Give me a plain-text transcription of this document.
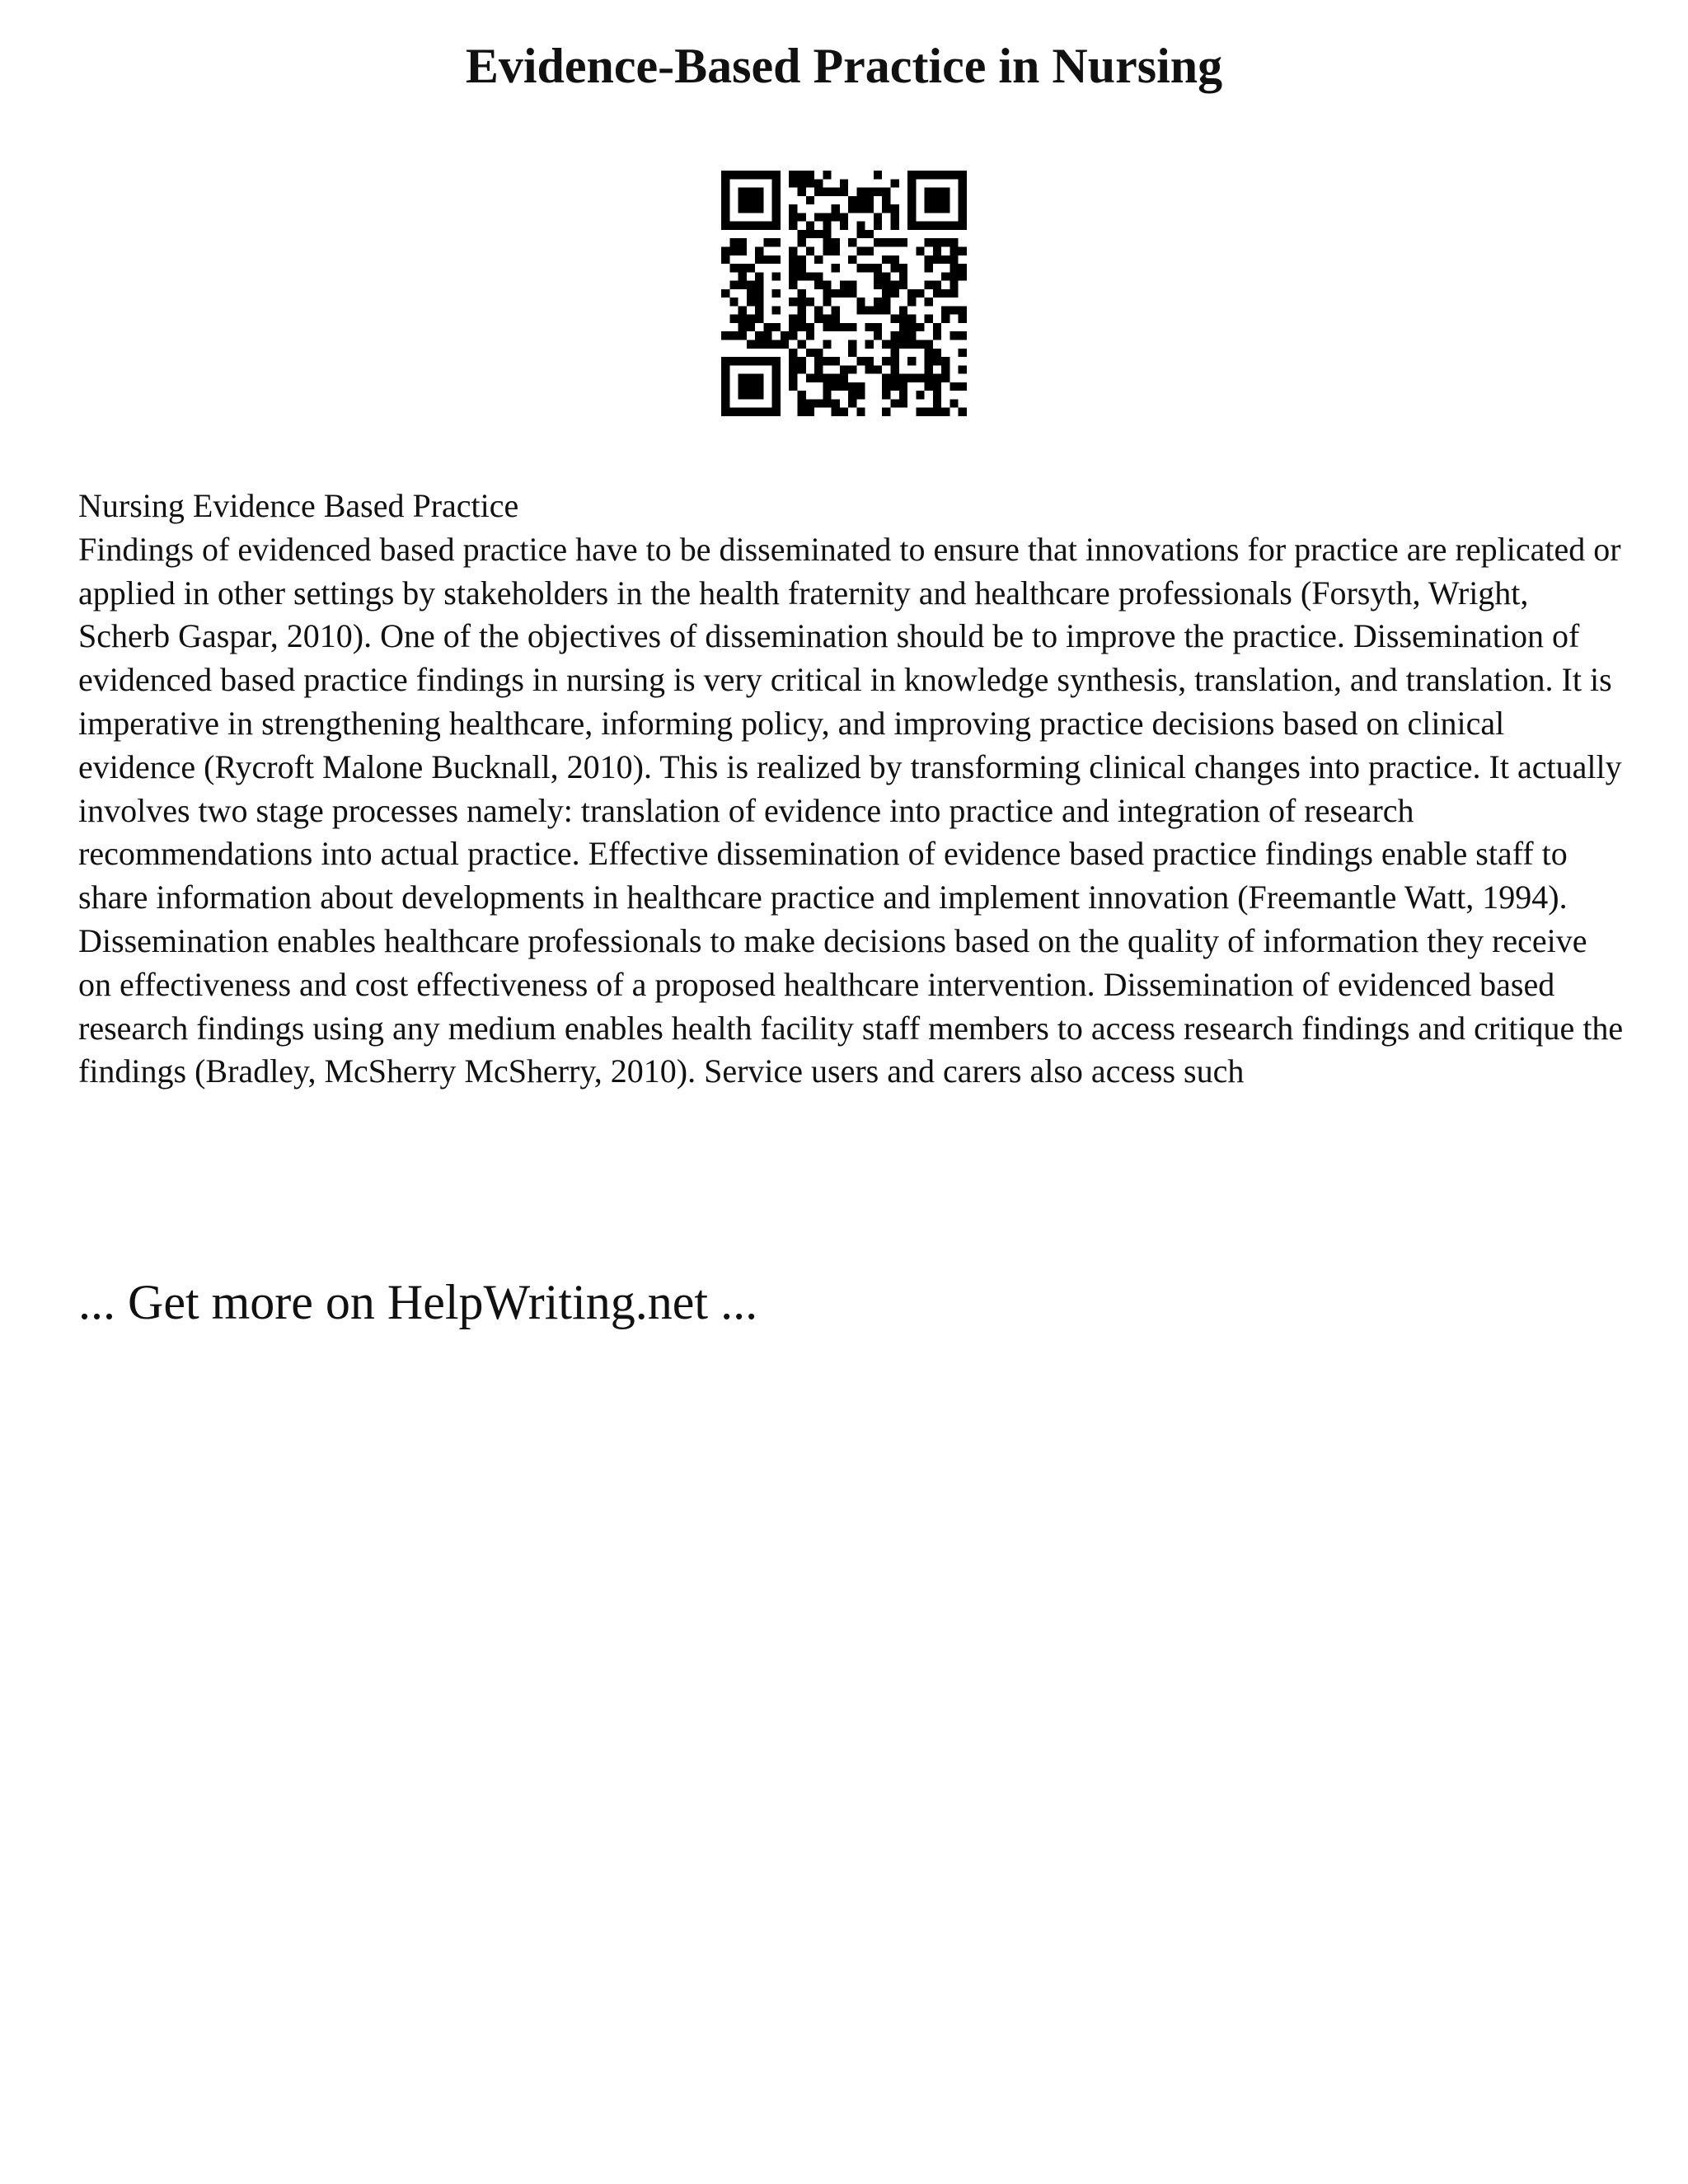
Evidence-Based Practice in Nursing

Nursing Evidence Based Practice

Findings of evidenced based practice have to be disseminated to ensure that innovations for practice are replicated or applied in other settings by stakeholders in the health fraternity and healthcare professionals (Forsyth, Wright, Scherb Gaspar, 2010). One of the objectives of dissemination should be to improve the practice. Dissemination of evidenced based practice findings in nursing is very critical in knowledge synthesis, translation, and translation. It is imperative in strengthening healthcare, informing policy, and improving practice decisions based on clinical evidence (Rycroft Malone Bucknall, 2010). This is realized by transforming clinical changes into practice. It actually involves two stage processes namely: translation of evidence into practice and integration of research recommendations into actual practice. Effective dissemination of evidence based practice findings enable staff to share information about developments in healthcare practice and implement innovation (Freemantle Watt, 1994).

Dissemination enables healthcare professionals to make decisions based on the quality of information they receive on effectiveness and cost effectiveness of a proposed healthcare intervention. Dissemination of evidenced based research findings using any medium enables health facility staff members to access research findings and critique the findings (Bradley, McSherry McSherry, 2010). Service users and carers also access such

... Get more on HelpWriting.net ...
